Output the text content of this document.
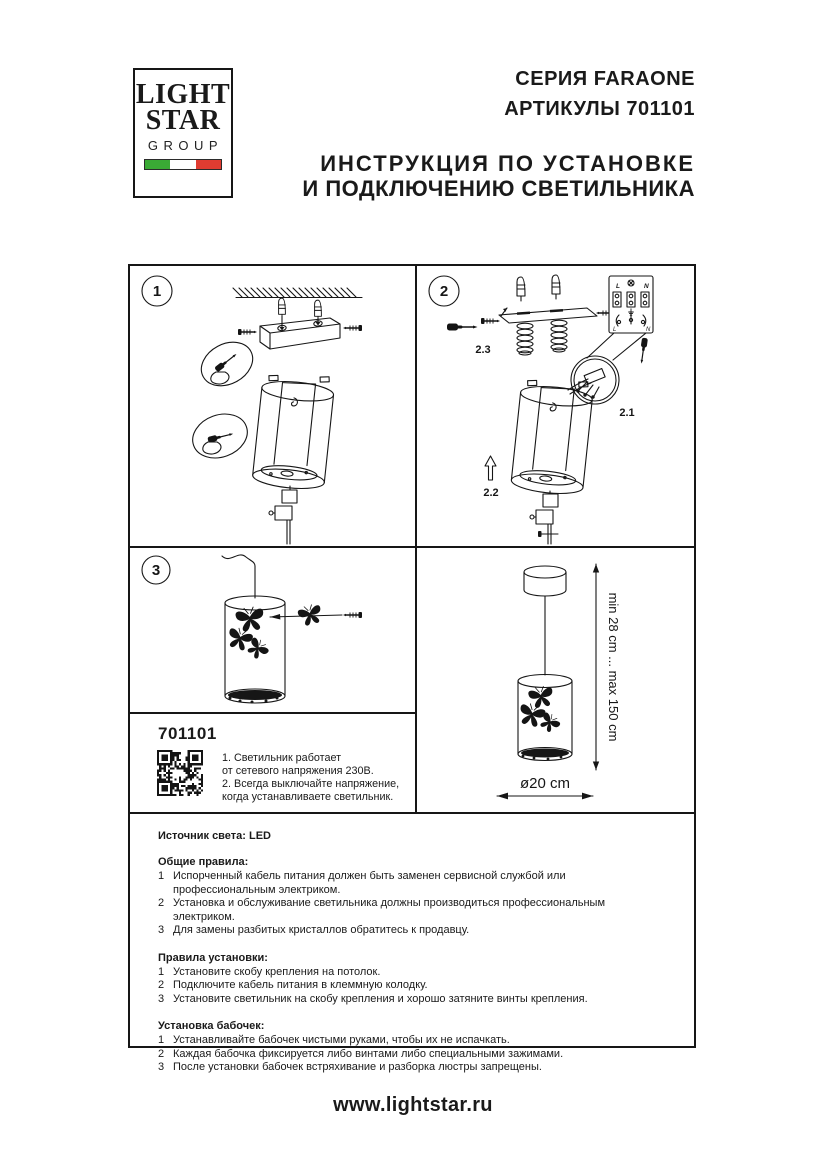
LIGHT
STAR
GROUP
СЕРИЯ FARAONE
АРТИКУЛЫ 701101
ИНСТРУКЦИЯ ПО УСТАНОВКЕ
И ПОДКЛЮЧЕНИЮ СВЕТИЛЬНИКА
1	2	L	N
L	N
2.3
2.1
2.2
3
701101
1. Светильник работает
от сетевого напряжения 230В.
2. Всегда выключайте напряжение,
когда устанавливаете светильник.
min 28 cm ... max 150 cm
ø20 cm
Источник света: LED
Общие правила:
1 Испорченный кабель питания должен быть заменен сервисной службой или профессиональным электриком.
2 Установка и обслуживание светильника должны производиться профессиональным электриком.
3 Для замены разбитых кристаллов обратитесь к продавцу.
Правила установки:
1 Установите скобу крепления на потолок.
2 Подключите кабель питания в клеммную колодку.
3 Установите светильник на скобу крепления и хорошо затяните винты крепления.
Установка бабочек:
1 Устанавливайте бабочек чистыми руками, чтобы их не испачкать.
2 Каждая бабочка фиксируется либо винтами либо специальными зажимами.
3 После установки бабочек встряхивание и разборка люстры запрещены.
www.lightstar.ru
